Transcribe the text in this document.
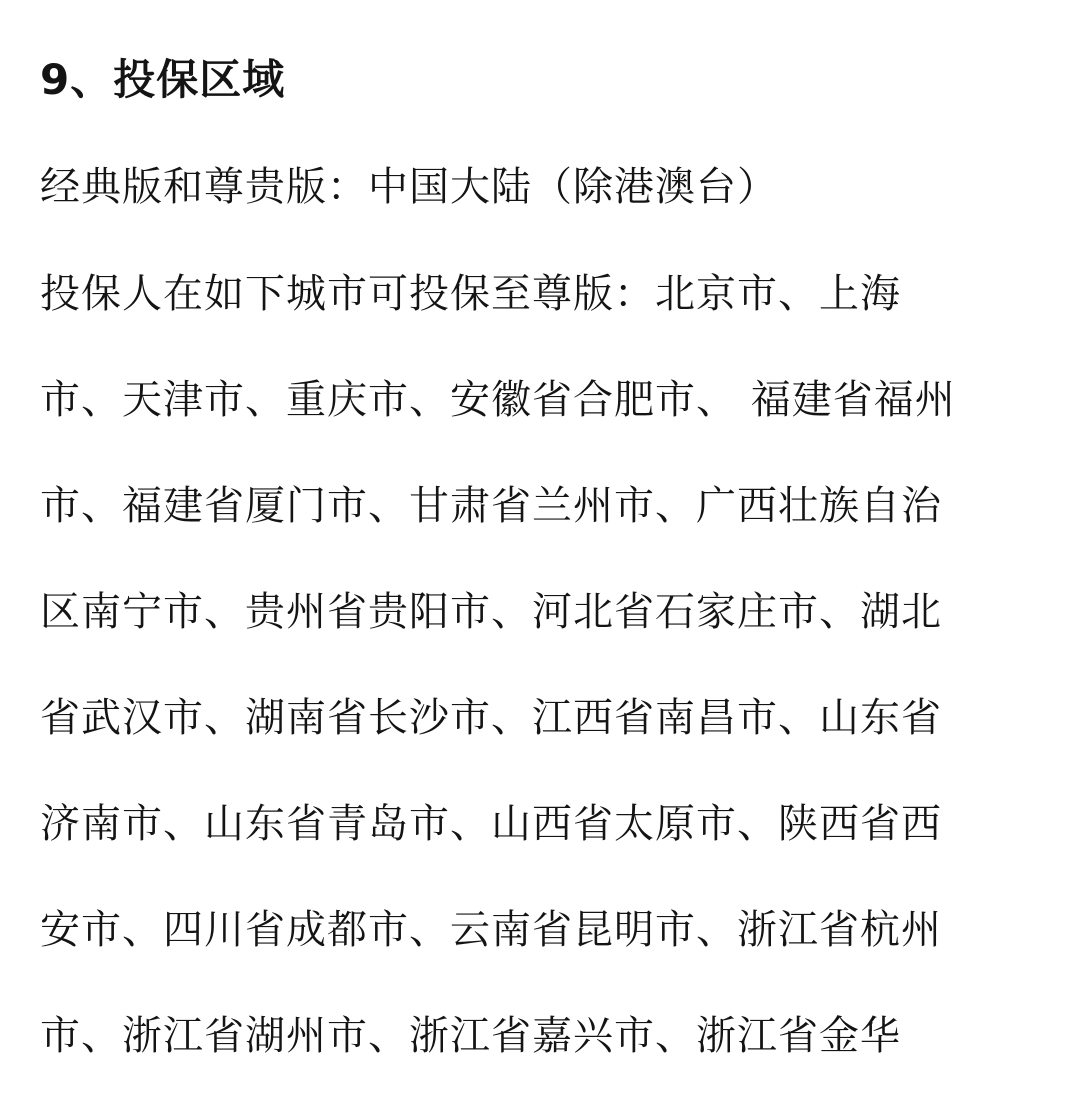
9、投保区域
经典版和尊贵版：中国大陆（除港澳台）
投保人在如下城市可投保至尊版：北京市、上海
市、天津市、重庆市、安徽省合肥市、 福建省福州
市、福建省厦门市、甘肃省兰州市、广西壮族自治
区南宁市、贵州省贵阳市、河北省石家庄市、湖北
省武汉市、湖南省长沙市、江西省南昌市、山东省
济南市、山东省青岛市、山西省太原市、陕西省西
安市、四川省成都市、云南省昆明市、浙江省杭州
市、浙江省湖州市、浙江省嘉兴市、浙江省金华
